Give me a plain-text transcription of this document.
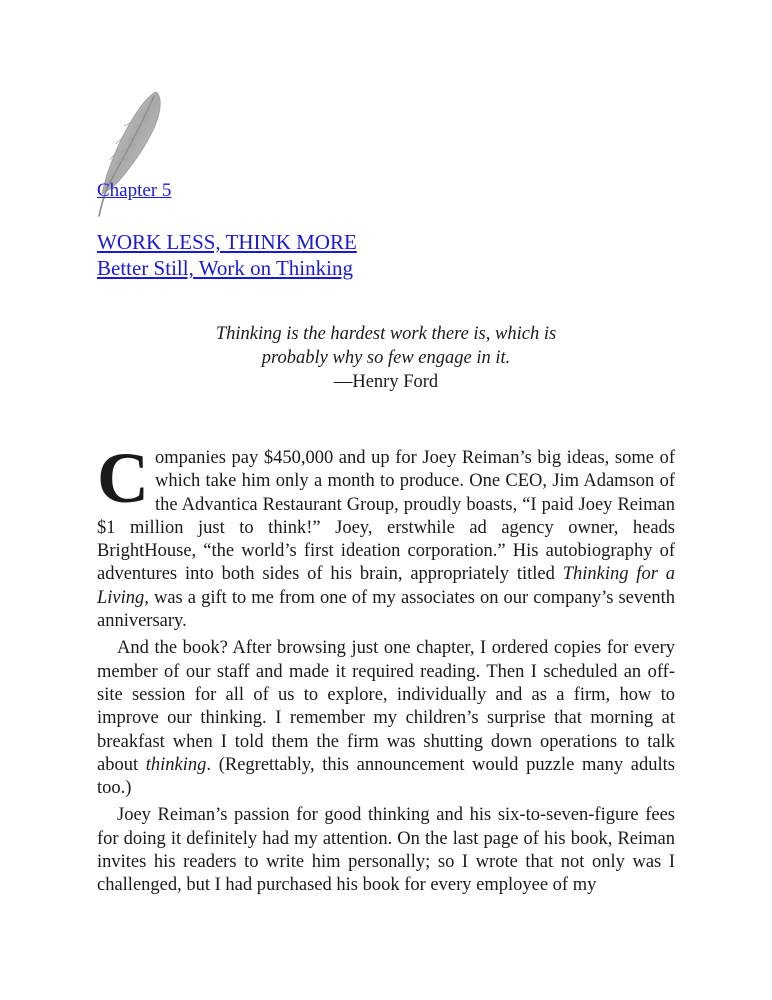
Chapter 5
WORK LESS, THINK MORE
Better Still, Work on Thinking
Thinking is the hardest work there is, which is
probably why so few engage in it.
—Henry Ford

Companies pay $450,000 and up for Joey Reiman’s big ideas, some of which take him only a month to produce. One CEO, Jim Adamson of the Advantica Restaurant Group, proudly boasts, “I paid Joey Reiman $1 million just to think!” Joey, erstwhile ad agency owner, heads BrightHouse, “the world’s first ideation corporation.” His autobiography of adventures into both sides of his brain, appropriately titled Thinking for a Living, was a gift to me from one of my associates on our company’s seventh anniversary.

And the book? After browsing just one chapter, I ordered copies for every member of our staff and made it required reading. Then I scheduled an off-site session for all of us to explore, individually and as a firm, how to improve our thinking. I remember my children’s surprise that morning at breakfast when I told them the firm was shutting down operations to talk about thinking. (Regrettably, this announcement would puzzle many adults too.)

Joey Reiman’s passion for good thinking and his six-to-seven-figure fees for doing it definitely had my attention. On the last page of his book, Reiman invites his readers to write him personally; so I wrote that not only was I challenged, but I had purchased his book for every employee of my
